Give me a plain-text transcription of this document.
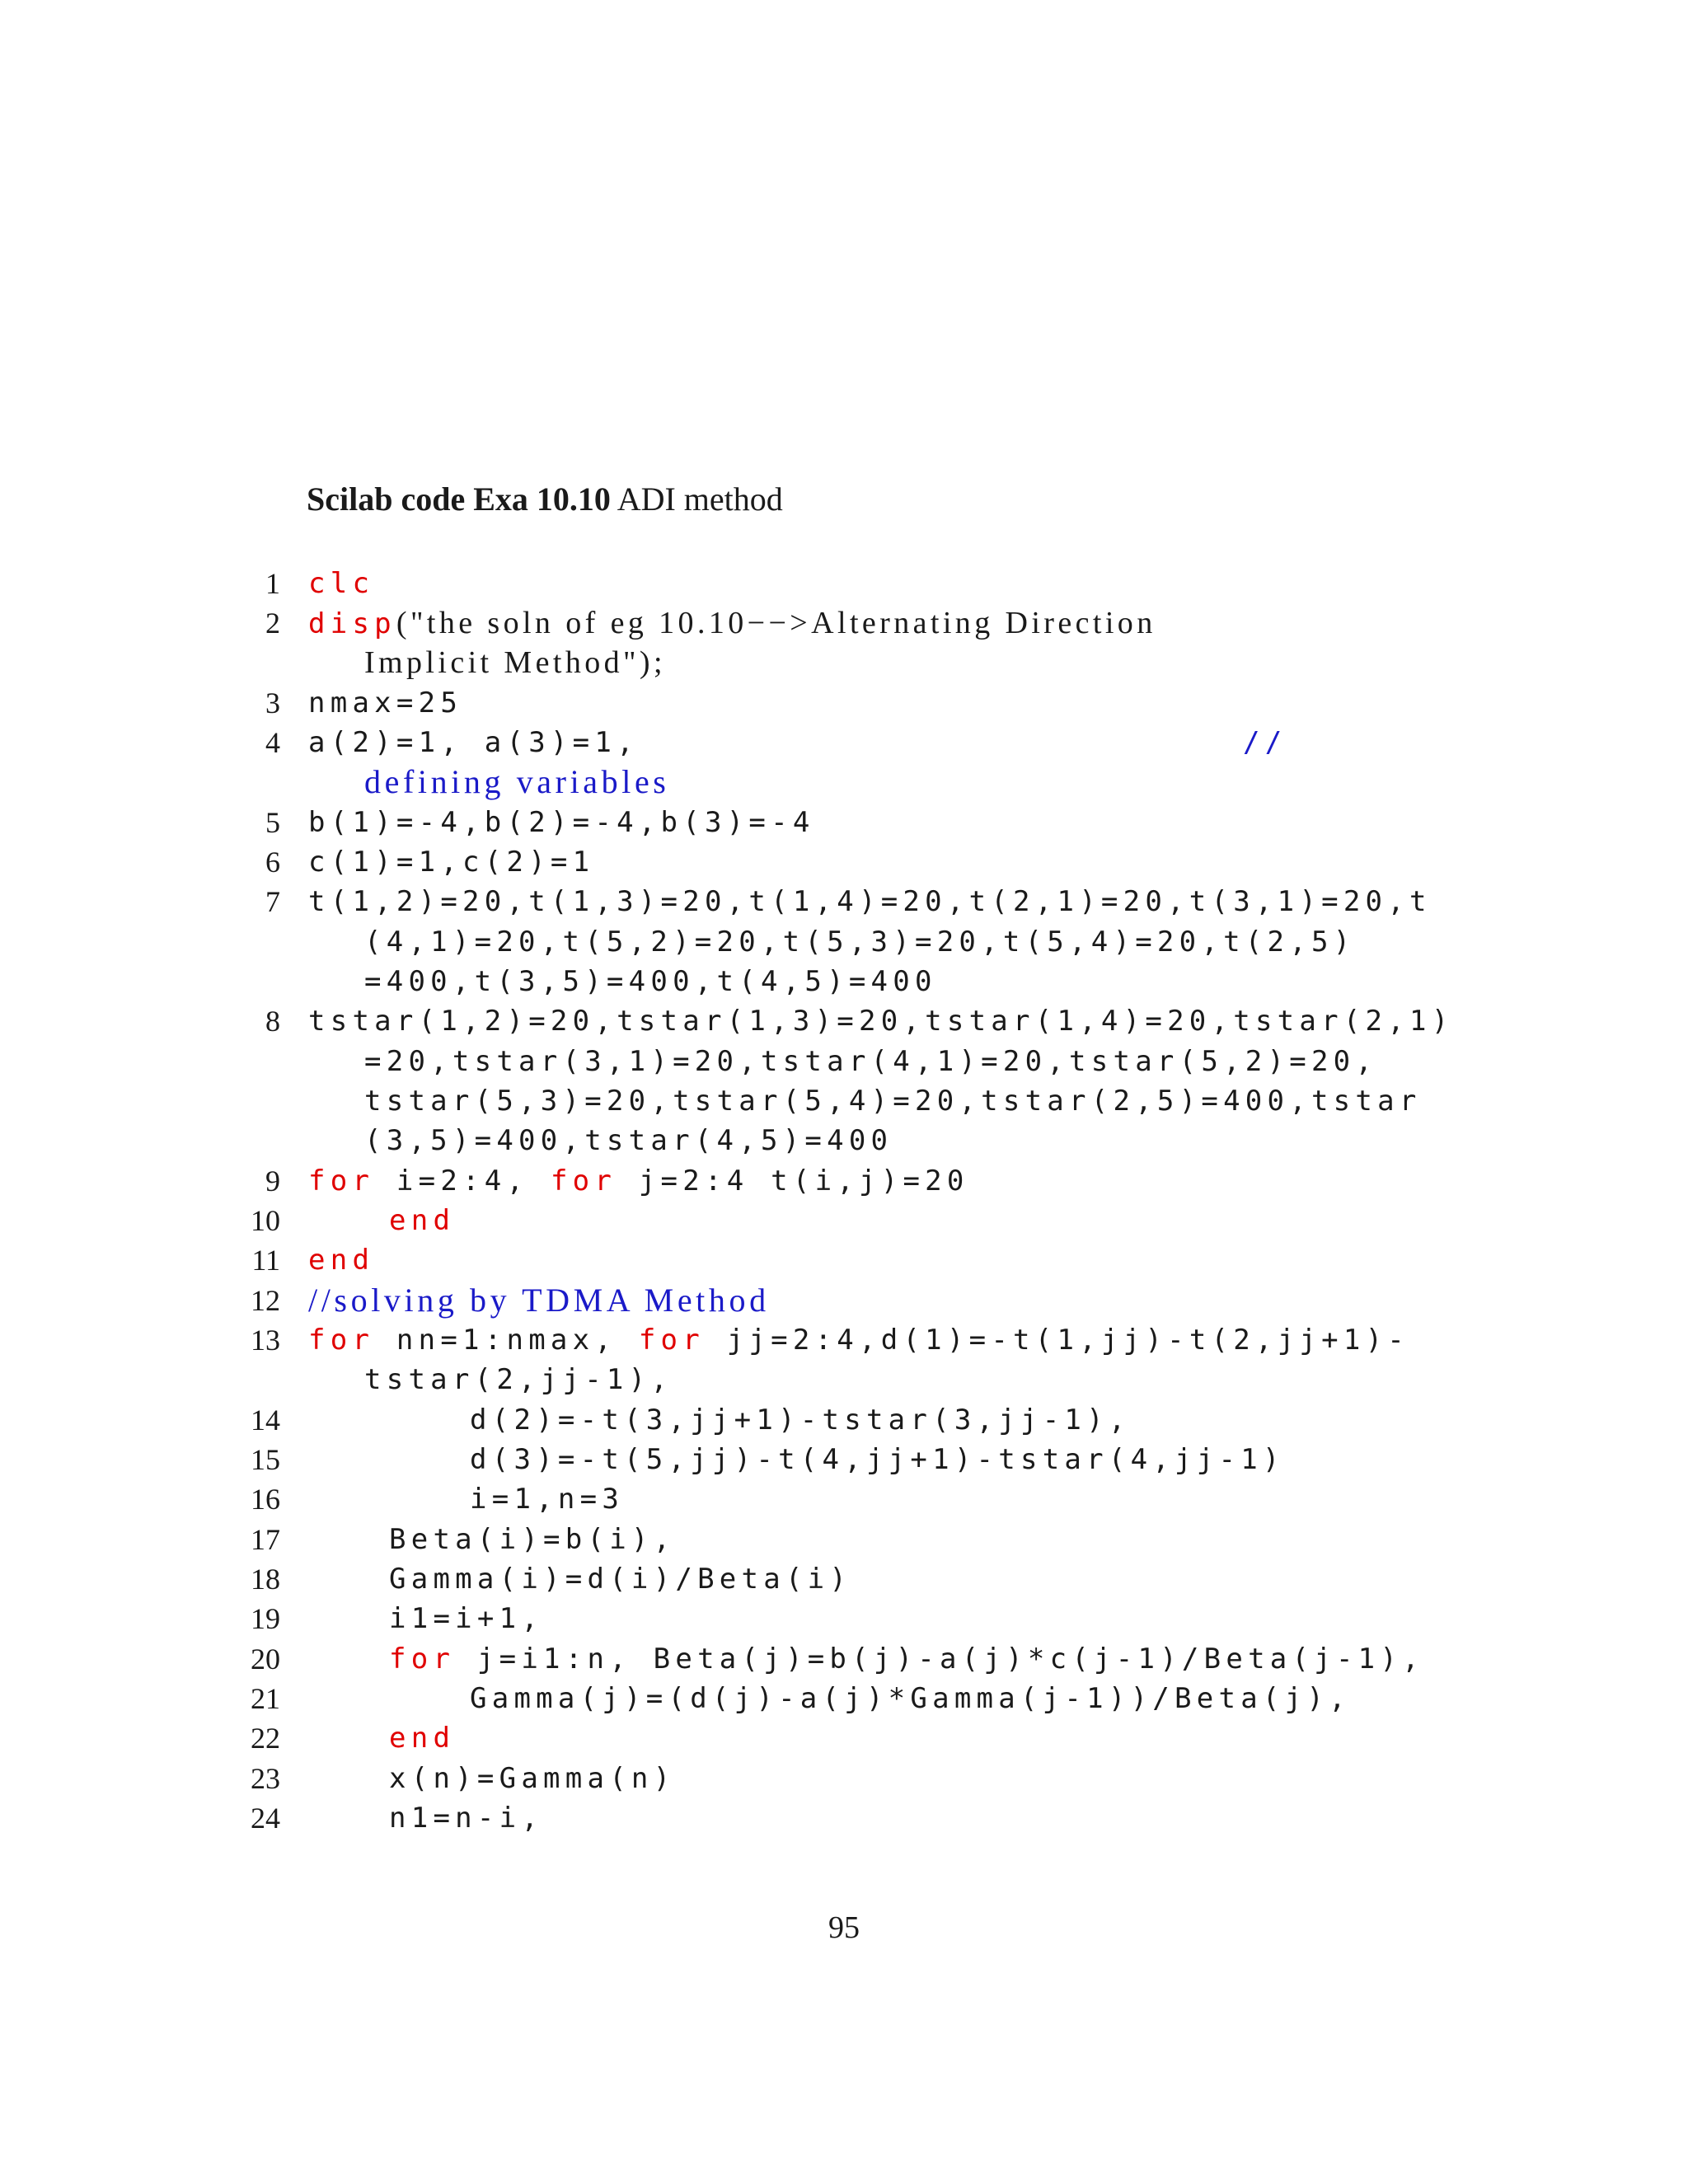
Scilab code Exa 10.10 ADI method
1 clc
2 disp("the soln of eg 10.10−−>Alternating Direction
Implicit Method");
3 nmax=25
4 a(2)=1, a(3)=1,	//
defining variables
5 b(1)=-4,b(2)=-4,b(3)=-4
6 c(1)=1,c(2)=1
7 t(1,2)=20,t(1,3)=20,t(1,4)=20,t(2,1)=20,t(3,1)=20,t
(4,1)=20,t(5,2)=20,t(5,3)=20,t(5,4)=20,t(2,5)
=400,t(3,5)=400,t(4,5)=400
8 tstar(1,2)=20,tstar(1,3)=20,tstar(1,4)=20,tstar(2,1)
=20,tstar(3,1)=20,tstar(4,1)=20,tstar(5,2)=20,
tstar(5,3)=20,tstar(5,4)=20,tstar(2,5)=400,tstar
(3,5)=400,tstar(4,5)=400
9 for i=2:4, for j=2:4 t(i,j)=20
10	end
11 end
12 //solving by TDMA Method
13 for nn=1:nmax, for jj=2:4,d(1)=-t(1,jj)-t(2,jj+1)-
tstar(2,jj-1),
14	d(2)=-t(3,jj+1)-tstar(3,jj-1),
15	d(3)=-t(5,jj)-t(4,jj+1)-tstar(4,jj-1)
16	i=1,n=3
17	Beta(i)=b(i),
18	Gamma(i)=d(i)/Beta(i)
19	i1=i+1,
20	for j=i1:n, Beta(j)=b(j)-a(j)*c(j-1)/Beta(j-1),
21	Gamma(j)=(d(j)-a(j)*Gamma(j-1))/Beta(j),
22	end
23	x(n)=Gamma(n)
24	n1=n-i,
95
